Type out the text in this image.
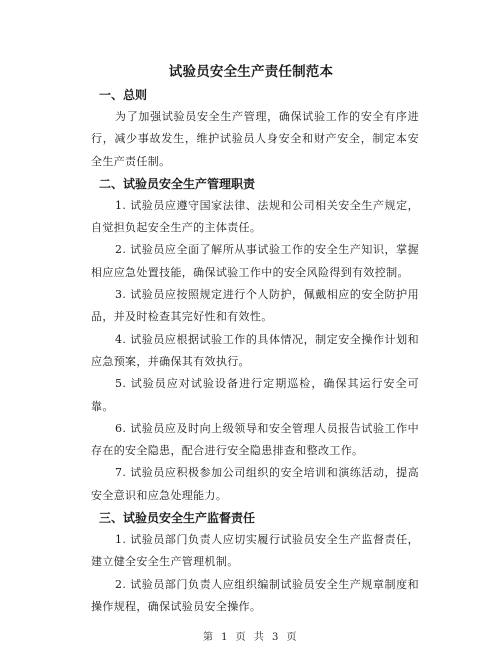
试验员安全生产责任制范本
一、总则

为了加强试验员安全生产管理，确保试验工作的安全有序进行，减少事故发生，维护试验员人身安全和财产安全，制定本安全生产责任制。

二、试验员安全生产管理职责

1. 试验员应遵守国家法律、法规和公司相关安全生产规定，自觉担负起安全生产的主体责任。

2. 试验员应全面了解所从事试验工作的安全生产知识，掌握相应应急处置技能，确保试验工作中的安全风险得到有效控制。

3. 试验员应按照规定进行个人防护，佩戴相应的安全防护用品，并及时检查其完好性和有效性。

4. 试验员应根据试验工作的具体情况，制定安全操作计划和应急预案，并确保其有效执行。

5. 试验员应对试验设备进行定期巡检，确保其运行安全可靠。

6. 试验员应及时向上级领导和安全管理人员报告试验工作中存在的安全隐患，配合进行安全隐患排查和整改工作。

7. 试验员应积极参加公司组织的安全培训和演练活动，提高安全意识和应急处理能力。

三、试验员安全生产监督责任

1. 试验员部门负责人应切实履行试验员安全生产监督责任，建立健全安全生产管理机制。

2. 试验员部门负责人应组织编制试验员安全生产规章制度和操作规程，确保试验员安全操作。

第 1 页 共 3 页
